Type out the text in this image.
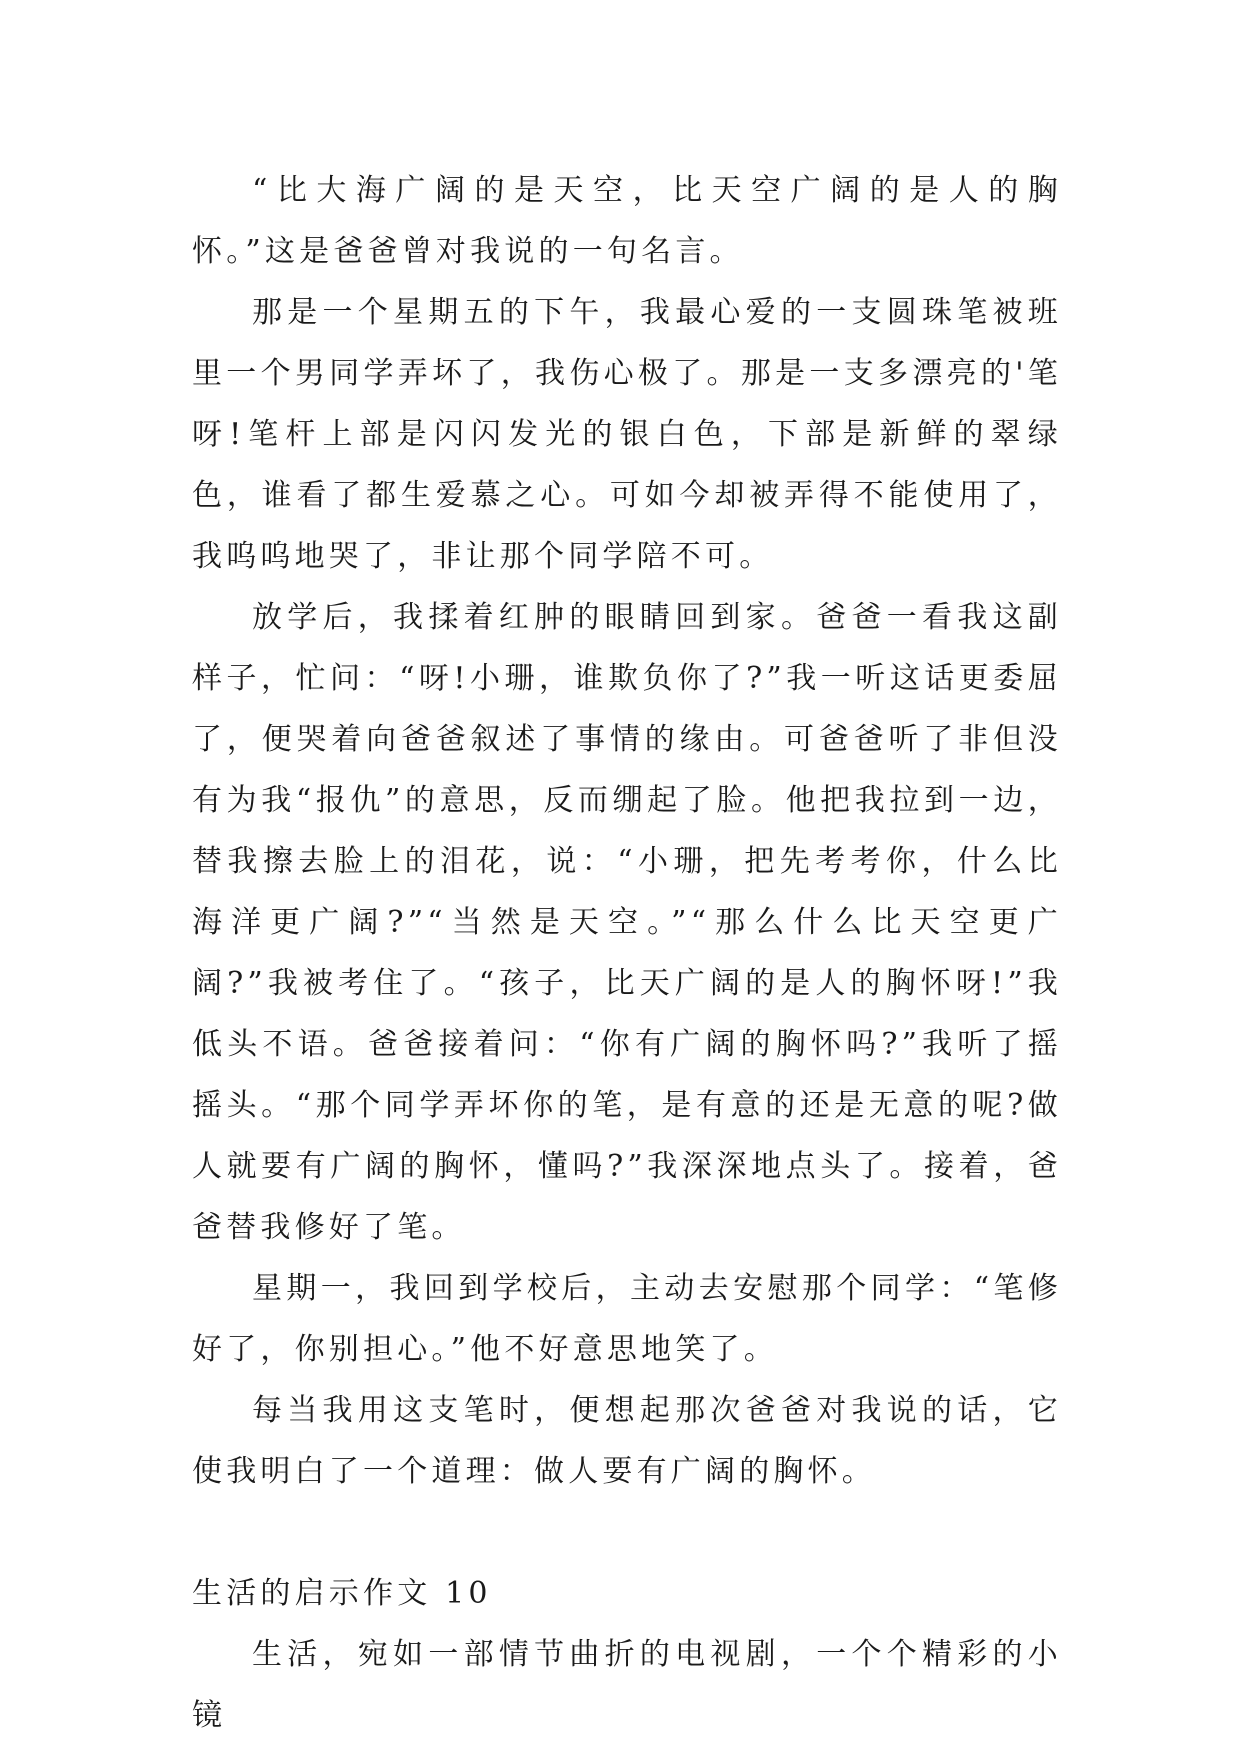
“比大海广阔的是天空，比天空广阔的是人的胸怀。”这是爸爸曾对我说的一句名言。

那是一个星期五的下午，我最心爱的一支圆珠笔被班里一个男同学弄坏了，我伤心极了。那是一支多漂亮的'笔呀!笔杆上部是闪闪发光的银白色，下部是新鲜的翠绿色，谁看了都生爱慕之心。可如今却被弄得不能使用了，我呜呜地哭了，非让那个同学陪不可。

放学后，我揉着红肿的眼睛回到家。爸爸一看我这副样子，忙问：“呀!小珊，谁欺负你了?”我一听这话更委屈了，便哭着向爸爸叙述了事情的缘由。可爸爸听了非但没有为我“报仇”的意思，反而绷起了脸。他把我拉到一边，替我擦去脸上的泪花，说：“小珊，把先考考你，什么比海洋更广阔?”“当然是天空。”“那么什么比天空更广阔?”我被考住了。“孩子，比天广阔的是人的胸怀呀!”我低头不语。爸爸接着问：“你有广阔的胸怀吗?”我听了摇摇头。“那个同学弄坏你的笔，是有意的还是无意的呢?做人就要有广阔的胸怀，懂吗?”我深深地点头了。接着，爸爸替我修好了笔。

星期一，我回到学校后，主动去安慰那个同学：“笔修好了，你别担心。”他不好意思地笑了。

每当我用这支笔时，便想起那次爸爸对我说的话，它使我明白了一个道理：做人要有广阔的胸怀。

生活的启示作文 10

生活，宛如一部情节曲折的电视剧，一个个精彩的小镜
